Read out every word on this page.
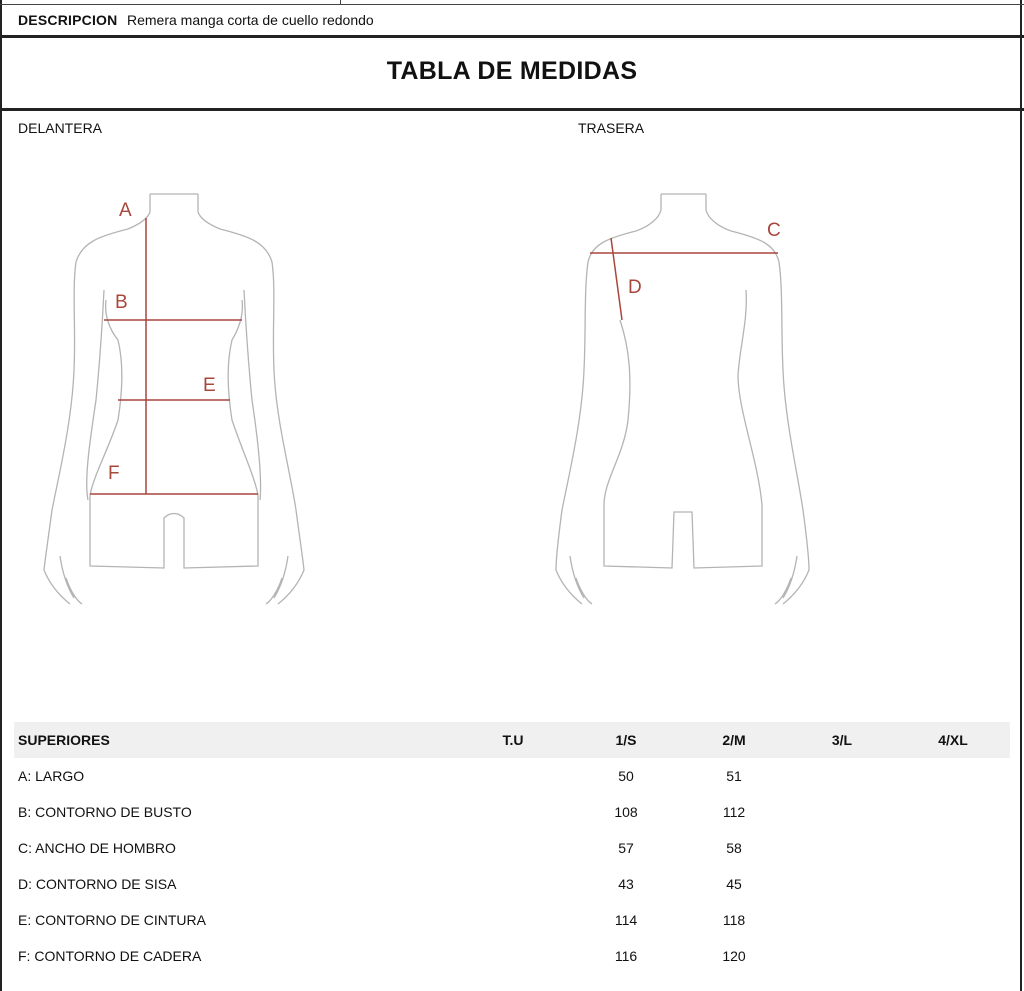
DESCRIPCION Remera manga corta de cuello redondo
TABLA DE MEDIDAS
DELANTERA	TRASERA
A
B
E
F
C
D
SUPERIORES	T.U	1/S	2/M	3/L	4/XL
A: LARGO		50	51		
B: CONTORNO DE BUSTO		108	112		
C: ANCHO DE HOMBRO		57	58		
D: CONTORNO DE SISA		43	45		
E: CONTORNO DE CINTURA		114	118		
F: CONTORNO DE CADERA		116	120		
